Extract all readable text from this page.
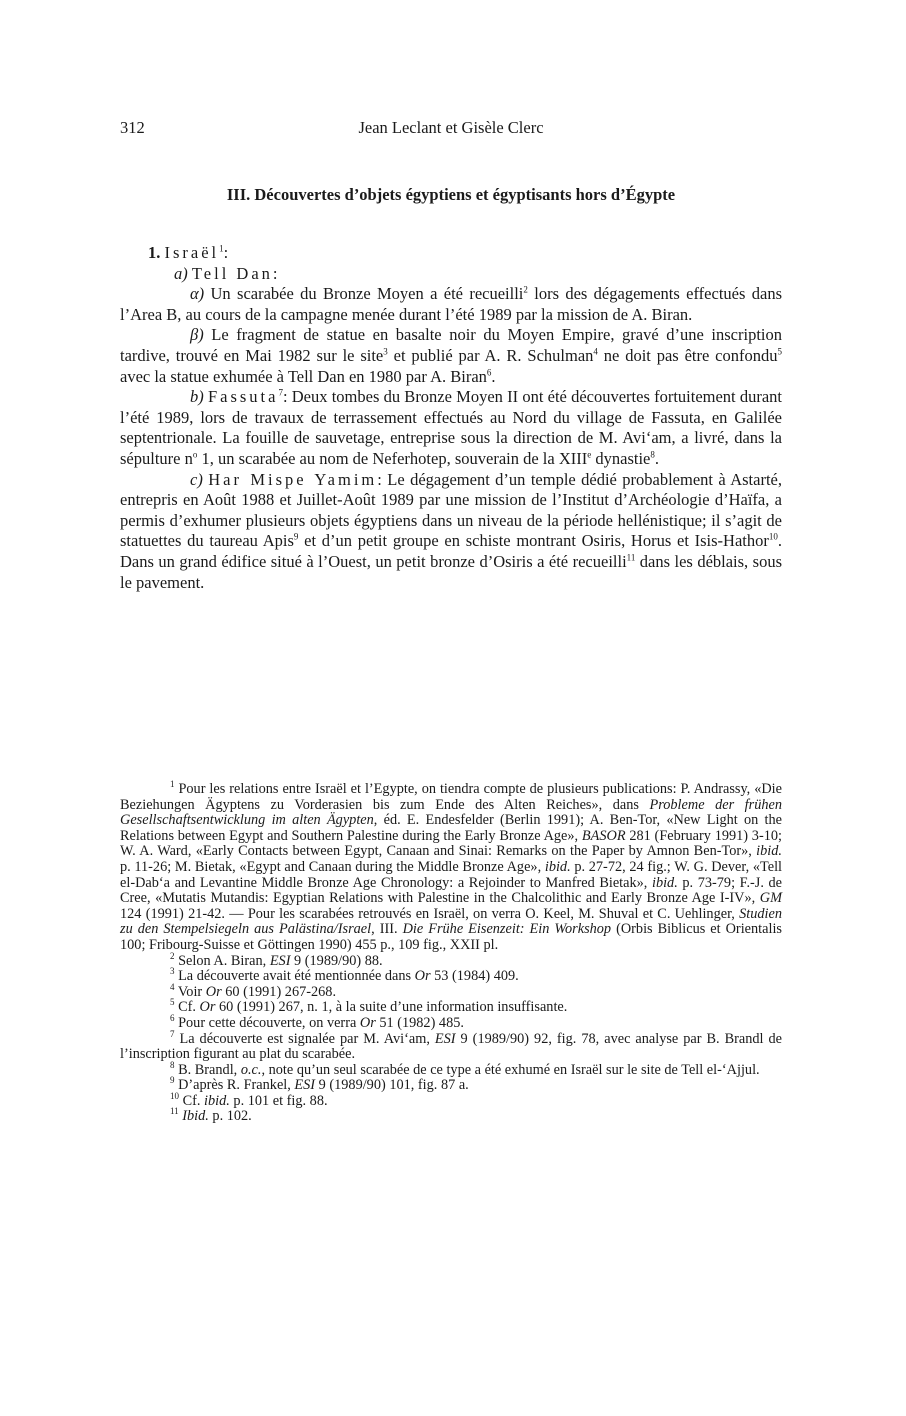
312	Jean Leclant et Gisèle Clerc
III. Découvertes d’objets égyptiens et égyptisants hors d’Égypte

1. Israël$^1$:

a) Tell Dan:

α) Un scarabée du Bronze Moyen a été recueilli$^2$ lors des dégagements effectués dans l’Area B, au cours de la campagne menée durant l’été 1989 par la mission de A. Biran.

β) Le fragment de statue en basalte noir du Moyen Empire, gravé d’une inscription tardive, trouvé en Mai 1982 sur le site$^3$ et publié par A. R. Schulman$^4$ ne doit pas être confondu$^5$ avec la statue exhumée à Tell Dan en 1980 par A. Biran$^6$.

b) Fassuta$^7$: Deux tombes du Bronze Moyen II ont été découvertes fortuitement durant l’été 1989, lors de travaux de terrassement effectués au Nord du village de Fassuta, en Galilée septentrionale. La fouille de sauvetage, entreprise sous la direction de M. Avi‘am, a livré, dans la sépulture $n^o$ 1, un scarabée au nom de Neferhotep, souverain de la XIIIe dynastie$^8$.

c) Har Mispe Yamim: Le dégagement d’un temple dédié probablement à Astarté, entrepris en Août 1988 et Juillet-Août 1989 par une mission de l’Institut d’Archéologie d’Haïfa, a permis d’exhumer plusieurs objets égyptiens dans un niveau de la période hellénistique; il s’agit de statuettes du taureau Apis$^9$ et d’un petit groupe en schiste montrant Osiris, Horus et Isis-Hathor$^{10}$. Dans un grand édifice situé à l’Ouest, un petit bronze d’Osiris a été recueilli$^{11}$ dans les déblais, sous le pavement.

$^1$ Pour les relations entre Israël et l’Egypte, on tiendra compte de plusieurs publications: P. Andrassy, «Die Beziehungen Ägyptens zu Vorderasien bis zum Ende des Alten Reiches», dans Probleme der frühen Gesellschaftsentwicklung im alten Ägypten, éd. E. Endesfelder (Berlin 1991); A. Ben-Tor, «New Light on the Relations between Egypt and Southern Palestine during the Early Bronze Age», BASOR 281 (February 1991) 3-10; W. A. Ward, «Early Contacts between Egypt, Canaan and Sinai: Remarks on the Paper by Amnon Ben-Tor», ibid. p. 11-26; M. Bietak, «Egypt and Canaan during the Middle Bronze Age», ibid. p. 27-72, 24 fig.; W. G. Dever, «Tell el-Dab‘a and Levantine Middle Bronze Age Chronology: a Rejoinder to Manfred Bietak», ibid. p. 73-79; F.-J. de Cree, «Mutatis Mutandis: Egyptian Relations with Palestine in the Chalcolithic and Early Bronze Age I-IV», GM 124 (1991) 21-42. — Pour les scarabées retrouvés en Israël, on verra O. Keel, M. Shuval et C. Uehlinger, Studien zu den Stempelsiegeln aus Palästina/Israel, III. Die Frühe Eisenzeit: Ein Workshop (Orbis Biblicus et Orientalis 100; Fribourg-Suisse et Göttingen 1990) 455 p., 109 fig., XXII pl.

$^2$ Selon A. Biran, ESI 9 (1989/90) 88.

$^3$ La découverte avait été mentionnée dans Or 53 (1984) 409.

$^4$ Voir Or 60 (1991) 267-268.

$^5$ Cf. Or 60 (1991) 267, n. 1, à la suite d’une information insuffisante.

$^6$ Pour cette découverte, on verra Or 51 (1982) 485.

$^7$ La découverte est signalée par M. Avi‘am, ESI 9 (1989/90) 92, fig. 78, avec analyse par B. Brandl de l’inscription figurant au plat du scarabée.

$^8$ B. Brandl, o.c., note qu’un seul scarabée de ce type a été exhumé en Israël sur le site de Tell el-‘Ajjul.

$^9$ D’après R. Frankel, ESI 9 (1989/90) 101, fig. 87 a.

$^{10}$ Cf. ibid. p. 101 et fig. 88.

$^{11}$ Ibid. p. 102.
